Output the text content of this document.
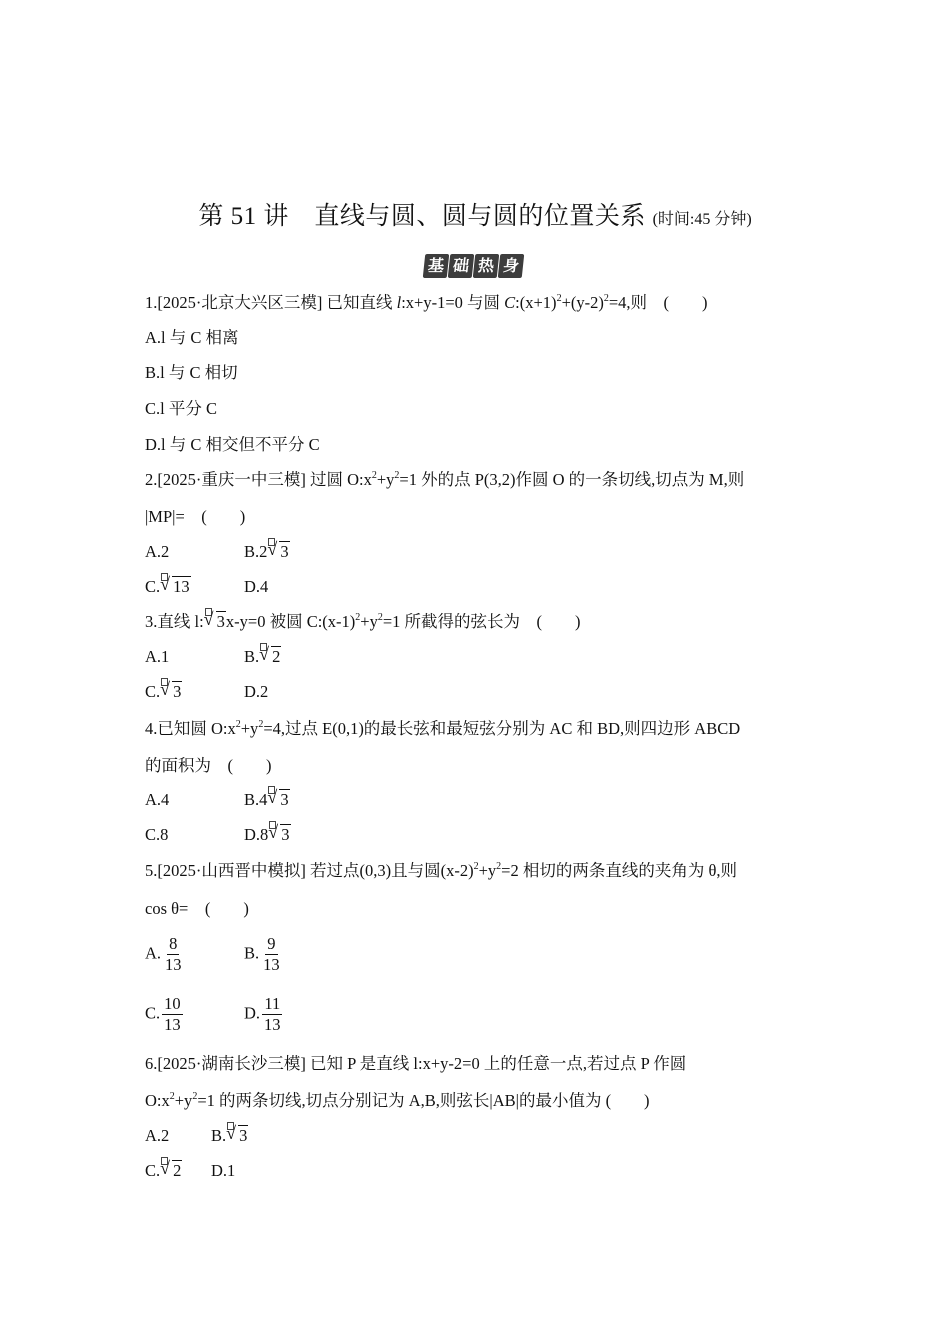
第 51 讲　直线与圆、圆与圆的位置关系 (时间:45 分钟)
基 础 热 身
1.[2025·北京大兴区三模] 已知直线 l:x+y-1=0 与圆 $C:(x+1)^2+(y-2)^2=4$,则　(　　)
A.l 与 C 相离
B.l 与 C 相切
C.l 平分 C
D.l 与 C 相交但不平分 C
2.[2025·重庆一中三模] 过圆 $O:x^2+y^2=1$ 外的点 P(3,2)作圆 O 的一条切线,切点为 M,则
|MP|=　(　　)
A.2	B.2 √ 3
C. √ 13	D.4
3.直线 l: √ 3x-y=0 被圆 $C:(x-1)^2+y^2=1$ 所截得的弦长为　(　　)
A.1	B. √ 2
C. √ 3	D.2
4.已知圆 $O:x^2+y^2=4$,过点 E(0,1)的最长弦和最短弦分别为 AC 和 BD,则四边形 ABCD
的面积为　(　　)
A.4	B.4 √ 3
C.8	D.8 √ 3
5.[2025·山西晋中模拟] 若过点(0,3)且与圆$(x-2)^2+y^2=2$ 相切的两条直线的夹角为 θ,则
cos θ=　(　　)
A. $\frac{8}{13}$	B. $\frac{9}{13}$
C. $\frac{10}{13}$	D. $\frac{11}{13}$
6.[2025·湖南长沙三模] 已知 P 是直线 l:x+y-2=0 上的任意一点,若过点 P 作圆
$O:x^2+y^2=1$ 的两条切线,切点分别记为 A,B,则弦长|AB|的最小值为 (　　)
A.2	B. √ 3
C. √ 2 D.1
